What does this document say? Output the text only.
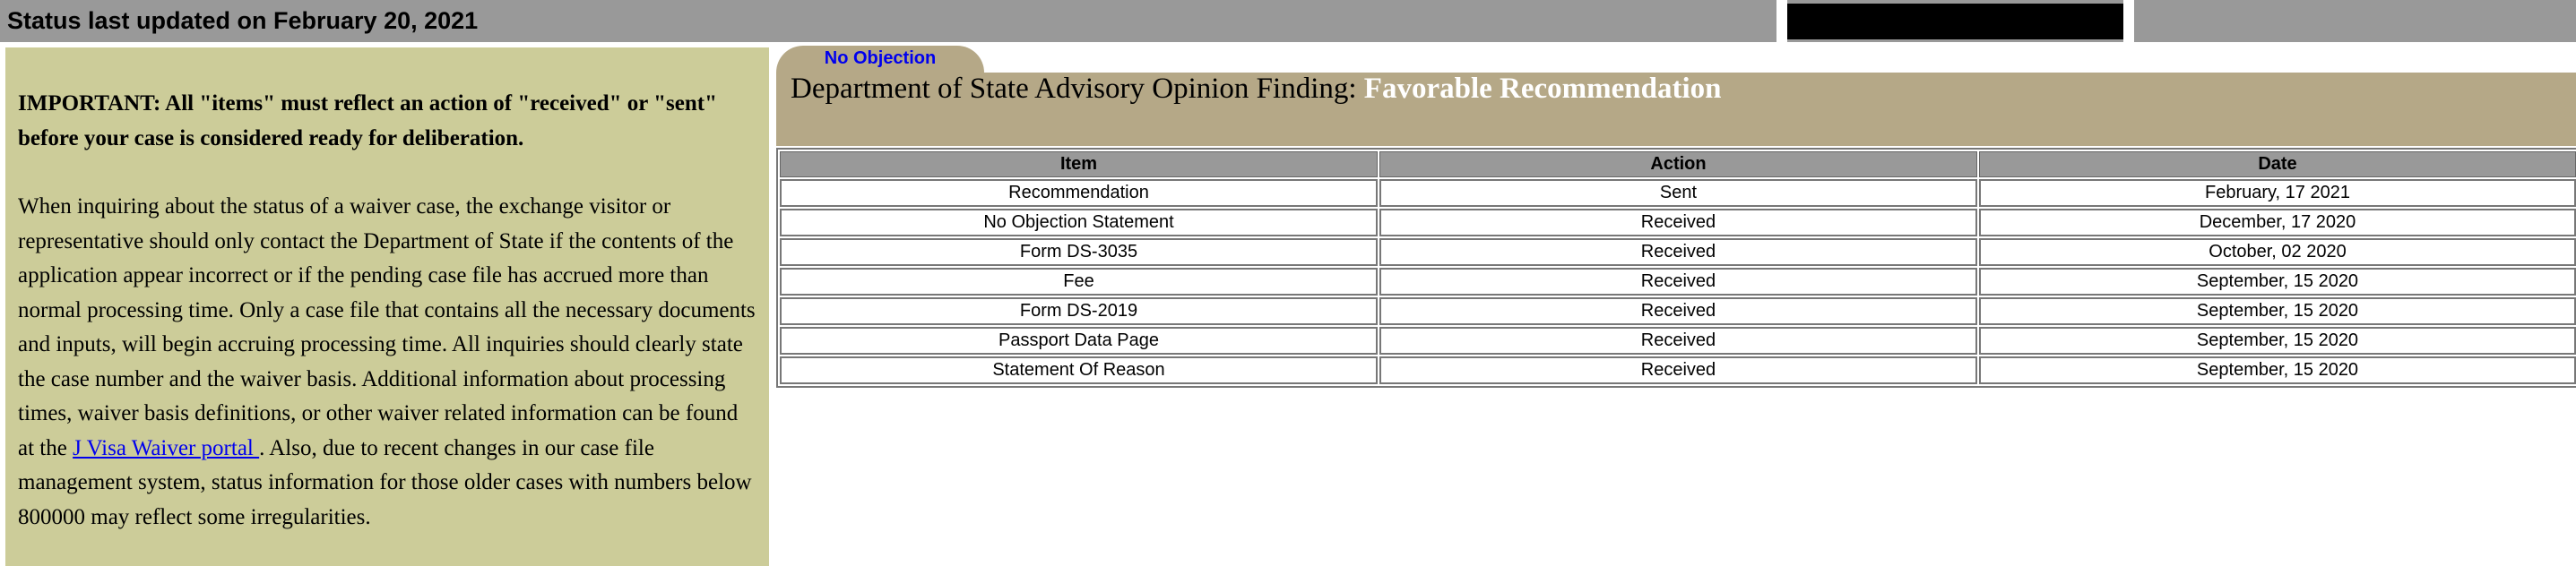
Status last updated on February 20, 2021

IMPORTANT: All "items" must reflect an action of "received" or "sent" before your case is considered ready for deliberation.

When inquiring about the status of a waiver case, the exchange visitor or representative should only contact the Department of State if the contents of the application appear incorrect or if the pending case file has accrued more than normal processing time. Only a case file that contains all the necessary documents and inputs, will begin accruing processing time. All inquiries should clearly state the case number and the waiver basis. Additional information about processing times, waiver basis definitions, or other waiver related information can be found at the J Visa Waiver portal . Also, due to recent changes in our case file management system, status information for those older cases with numbers below 800000 may reflect some irregularities.

No Objection
Department of State Advisory Opinion Finding: Favorable Recommendation
Item	Action	Date
Recommendation	Sent	February, 17 2021
No Objection Statement	Received	December, 17 2020
Form DS-3035	Received	October, 02 2020
Fee	Received	September, 15 2020
Form DS-2019	Received	September, 15 2020
Passport Data Page	Received	September, 15 2020
Statement Of Reason	Received	September, 15 2020
